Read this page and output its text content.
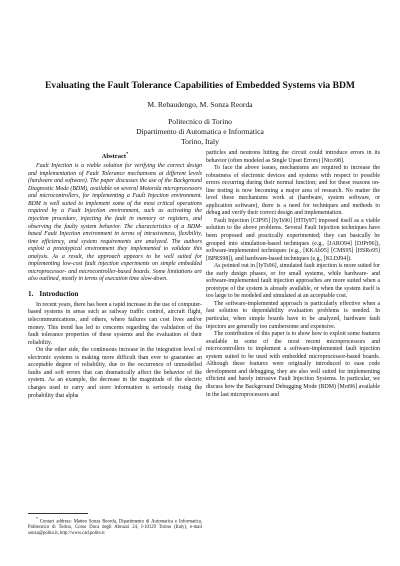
Evaluating the Fault Tolerance Capabilities of Embedded Systems via BDM
M. Rebaudengo, M. Sonza Reorda
Politecnico di Torino
Dipartimento di Automatica e Informatica
Torino, Italy
Abstract*

Fault Injection is a viable solution for verifying the correct design and implementation of Fault Tolerance mechanisms at different levels (hardware and software). The paper discusses the use of the Background Diagnostic Mode (BDM), available on several Motorola microprocessors and microcontrollers, for implementing a Fault Injection environment. BDM is well suited to implement some of the most critical operations required by a Fault Injection environment, such as activating the injection procedure, injecting the fault in memory or registers, and observing the faulty system behavior. The characteristics of a BDM-based Fault Injection environment in terms of intrusiveness, flexibility, time efficiency, and system requirements are analyzed. The authors exploit a prototypical environment they implemented to validate this analysis. As a result, the approach appears to be well suited for implementing low-cost fault injection experiments on simple embedded microprocessor- and microcontroller-based boards. Some limitations are also outlined, mostly in terms of execution time slow-down.

1. Introduction

In recent years, there has been a rapid increase in the use of computer-based systems in areas such as railway traffic control, aircraft flight, telecommunications, and others, where failures can cost lives and/or money. This trend has led to concerns regarding the validation of the fault tolerance properties of these systems and the evaluation of their reliability.

On the other side, the continuous increase in the integration level of electronic systems is making more difficult than ever to guarantee an acceptable degree of reliability, due to the occurrence of unmodelled faults and soft errors that can dramatically affect the behavior of the system. As an example, the decrease in the magnitude of the electric charges used to carry and store information is seriously rising the probability that alpha

* Contact address: Matteo Sonza Reorda, Dipartimento di Automatica e Informatica, Politecnico di Torino, Corso Duca degli Abruzzi 24, I-10129 Torino (Italy), e-mail sonza@polito.it, http://www.cad.polito.it

particles and neutrons hitting the circuit could introduce errors in its behavior (often modeled as Single Upset Errors) [Nico98].

To face the above issues, mechanisms are required to increase the robustness of electronic devices and systems with respect to possible errors occurring during their normal function; and for these reasons on-line testing is now becoming a major area of research. No matter the level these mechanisms work at (hardware, system software, or application software), there is a need for techniques and methods to debug and verify their correct design and implementation.

Fault Injection [CIP95] [IyTs96] [HTIy97] imposed itself as a viable solution to the above problems. Several Fault Injection techniques have been proposed and practically experimented; they can basically be grouped into simulation-based techniques (e.g., [JARO94] [DJPr96]), software-implemented techniques (e.g., [KKAb95] [CMS95] [HSRo95] [BPRS98]), and hardware-based techniques (e.g., [KLDJ94]).

As pointed out in [IyTs96], simulated fault injection is more suited for the early design phases, or for small systems, while hardware- and software-implemented fault injection approaches are more suited when a prototype of the system is already available, or when the system itself is too large to be modeled and simulated at an acceptable cost.

The software-implemented approach is particularly effective when a fast solution to dependability evaluation problems is needed. In particular, when simple boards have to be analyzed, hardware fault injectors are generally too cumbersome and expensive.

The contribution of this paper is to show how to exploit some features available in some of the most recent microprocessors and microcontrollers to implement a software-implemented fault injection system suited to be used with embedded microprocessor-based boards. Although these features were originally introduced to ease code development and debugging, they are also well suited for implementing efficient and barely intrusive Fault Injection Systems. In particular, we discuss how the Background Debugging Mode (BDM) [Mot96] available in the last microprocessors and
